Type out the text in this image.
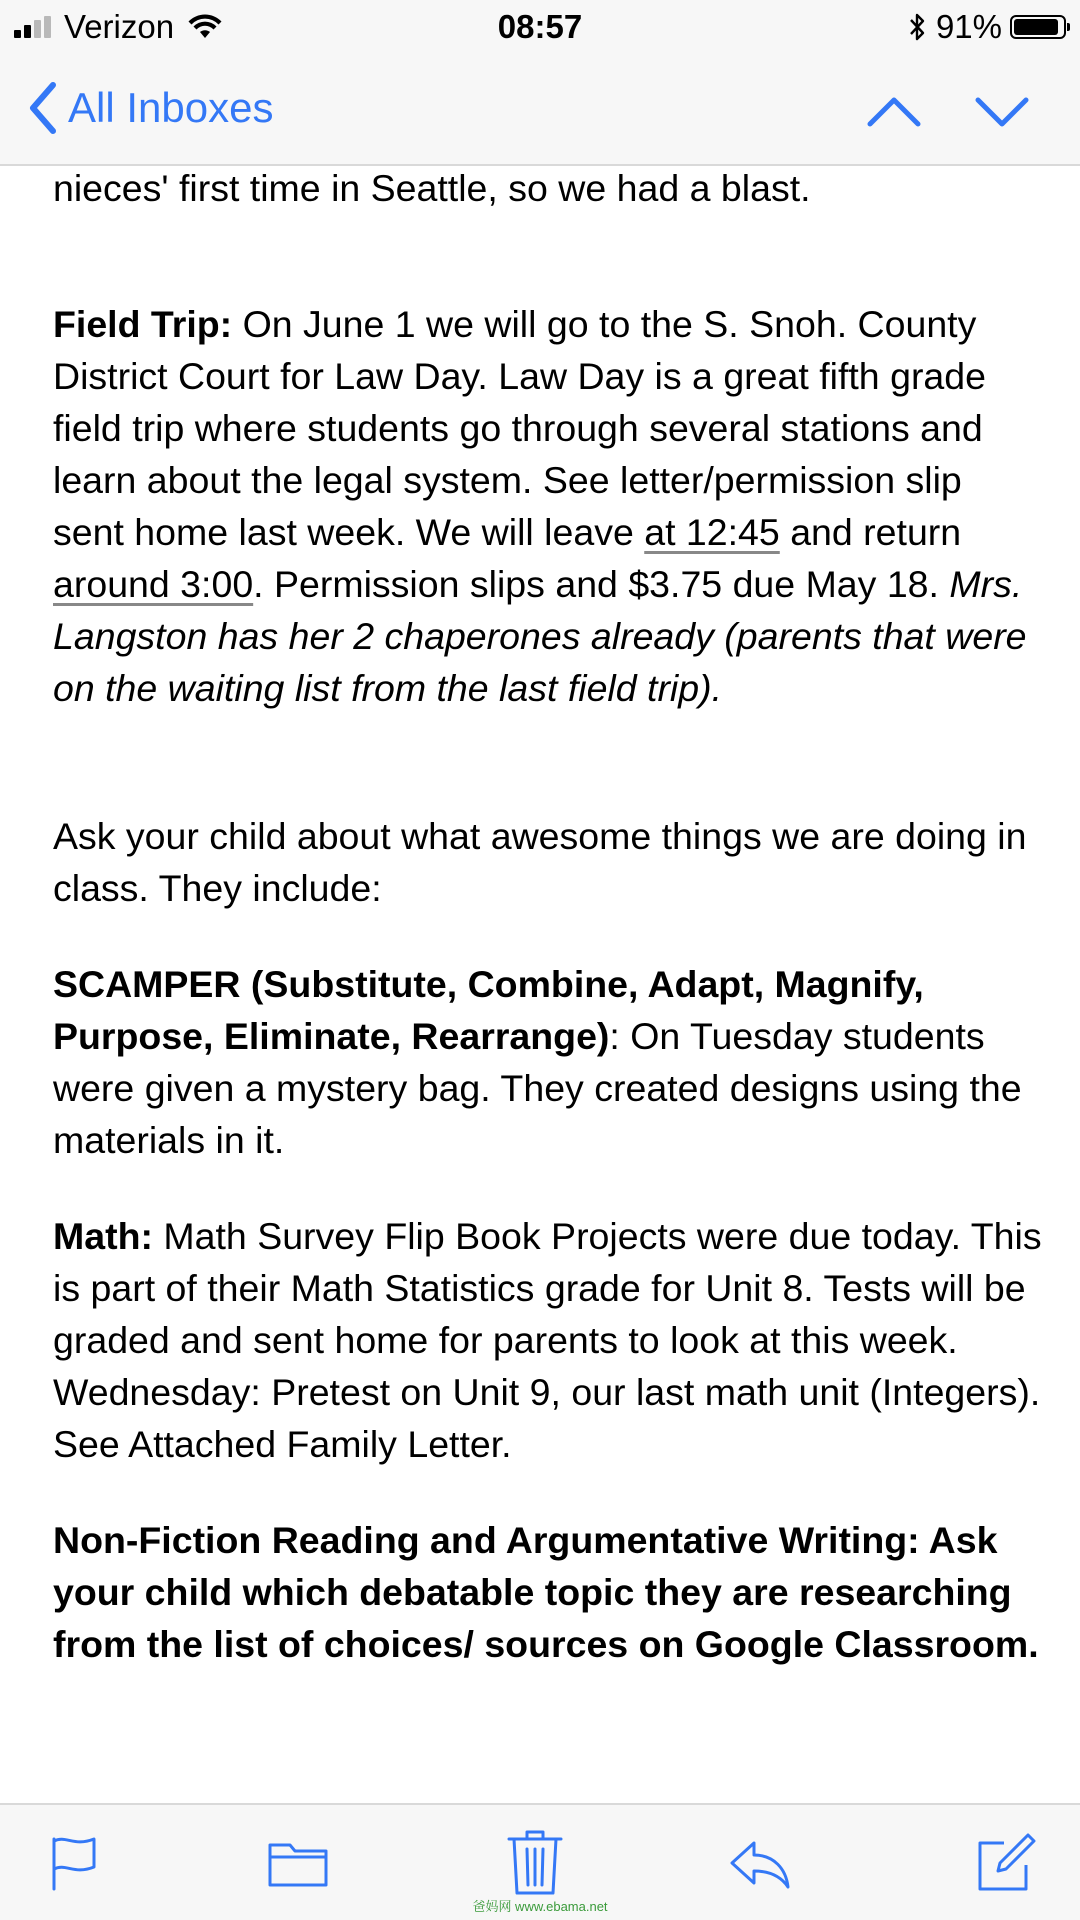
Verizon	08:57	91%
All Inboxes

nieces' first time in Seattle, so we had a blast.

Field Trip: On June 1 we will go to the S. Snoh. County District Court for Law Day. Law Day is a great fifth grade field trip where students go through several stations and learn about the legal system. See letter/permission slip sent home last week. We will leave at 12:45 and return around 3:00. Permission slips and $3.75 due May 18. Mrs. Langston has her 2 chaperones already (parents that were on the waiting list from the last field trip).

Ask your child about what awesome things we are doing in class. They include:

SCAMPER (Substitute, Combine, Adapt, Magnify, Purpose, Eliminate, Rearrange): On Tuesday students were given a mystery bag. They created designs using the materials in it.

Math: Math Survey Flip Book Projects were due today. This is part of their Math Statistics grade for Unit 8. Tests will be graded and sent home for parents to look at this week. Wednesday: Pretest on Unit 9, our last math unit (Integers). See Attached Family Letter.

Non-Fiction Reading and Argumentative Writing: Ask your child which debatable topic they are researching from the list of choices/ sources on Google Classroom.

爸妈网 www.ebama.net
